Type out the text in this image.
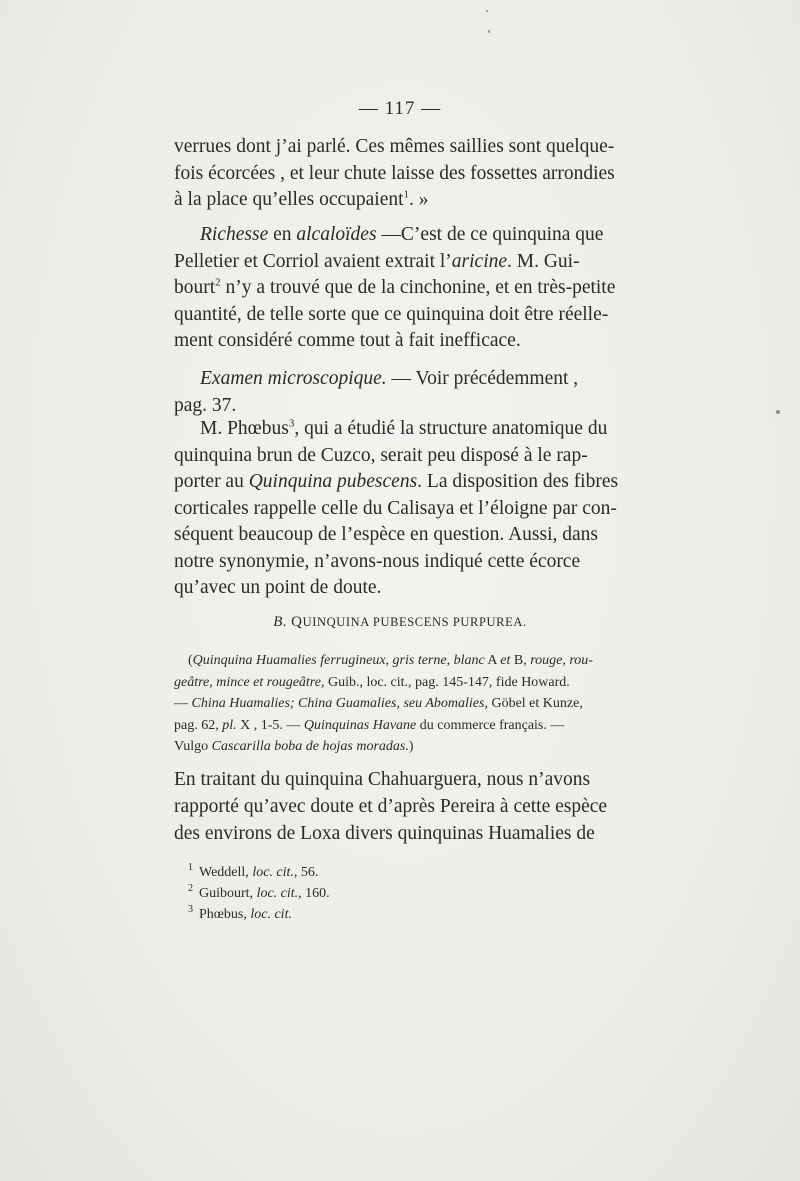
— 117 —

verrues dont j’ai parlé. Ces mêmes saillies sont quelque-
fois écorcées , et leur chute laisse des fossettes arrondies
à la place qu’elles occupaient$^1$. »

Richesse en alcaloïdes —C’est de ce quinquina que
Pelletier et Corriol avaient extrait l’aricine. M. Gui-
bourt$^2$ n’y a trouvé que de la cinchonine, et en très-petite
quantité, de telle sorte que ce quinquina doit être réelle-
ment considéré comme tout à fait inefficace.

Examen microscopique. — Voir précédemment ,
pag. 37.

M. Phœbus$^3$, qui a étudié la structure anatomique du
quinquina brun de Cuzco, serait peu disposé à le rap-
porter au Quinquina pubescens. La disposition des fibres
corticales rappelle celle du Calisaya et l’éloigne par con-
séquent beaucoup de l’espèce en question. Aussi, dans
notre synonymie, n’avons-nous indiqué cette écorce
qu’avec un point de doute.

B. QUINQUINA PUBESCENS PURPUREA.
(Quinquina Huamalies ferrugineux, gris terne, blanc A et B, rouge, rou-
geâtre, mince et rougeâtre, Guib., loc. cit., pag. 145-147, fide Howard.
— China Huamalies; China Guamalies, seu Abomalies, Göbel et Kunze,
pag. 62, pl. X , 1-5. — Quinquinas Havane du commerce français. —
Vulgo Cascarilla boba de hojas moradas.)

En traitant du quinquina Chahuarguera, nous n’avons
rapporté qu’avec doute et d’après Pereira à cette espèce
des environs de Loxa divers quinquinas Huamalies de

$^1$ Weddell, loc. cit., 56.
$^2$ Guibourt, loc. cit., 160.
$^3$ Phœbus, loc. cit.
